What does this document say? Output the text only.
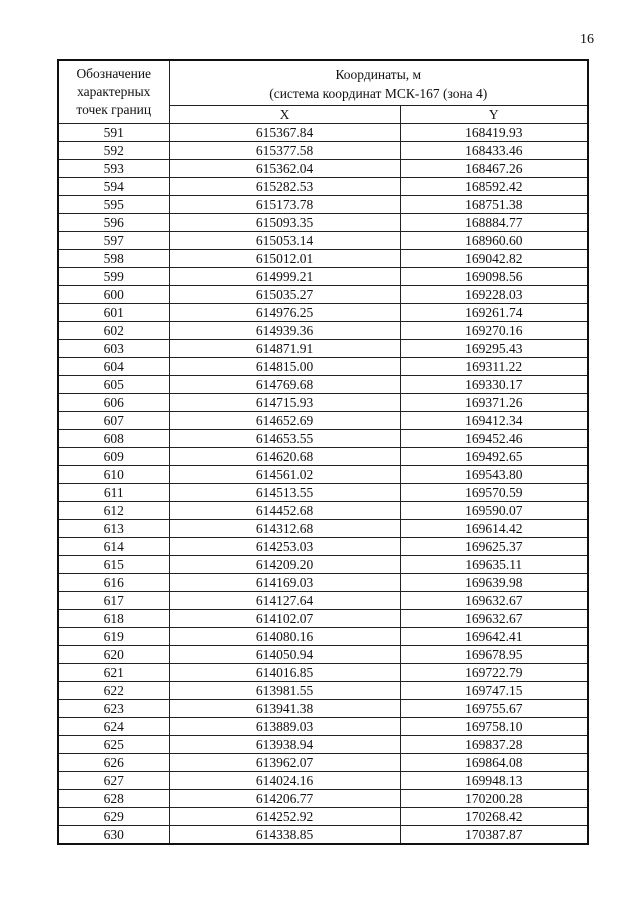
16
Обозначение характерных точек границ	Координаты, м
(система координат МСК-167 (зона 4)	

	X	Y
591	615367.84	168419.93
592	615377.58	168433.46
593	615362.04	168467.26
594	615282.53	168592.42
595	615173.78	168751.38
596	615093.35	168884.77
597	615053.14	168960.60
598	615012.01	169042.82
599	614999.21	169098.56
600	615035.27	169228.03
601	614976.25	169261.74
602	614939.36	169270.16
603	614871.91	169295.43
604	614815.00	169311.22
605	614769.68	169330.17
606	614715.93	169371.26
607	614652.69	169412.34
608	614653.55	169452.46
609	614620.68	169492.65
610	614561.02	169543.80
611	614513.55	169570.59
612	614452.68	169590.07
613	614312.68	169614.42
614	614253.03	169625.37
615	614209.20	169635.11
616	614169.03	169639.98
617	614127.64	169632.67
618	614102.07	169632.67
619	614080.16	169642.41
620	614050.94	169678.95
621	614016.85	169722.79
622	613981.55	169747.15
623	613941.38	169755.67
624	613889.03	169758.10
625	613938.94	169837.28
626	613962.07	169864.08
627	614024.16	169948.13
628	614206.77	170200.28
629	614252.92	170268.42
630	614338.85	170387.87
